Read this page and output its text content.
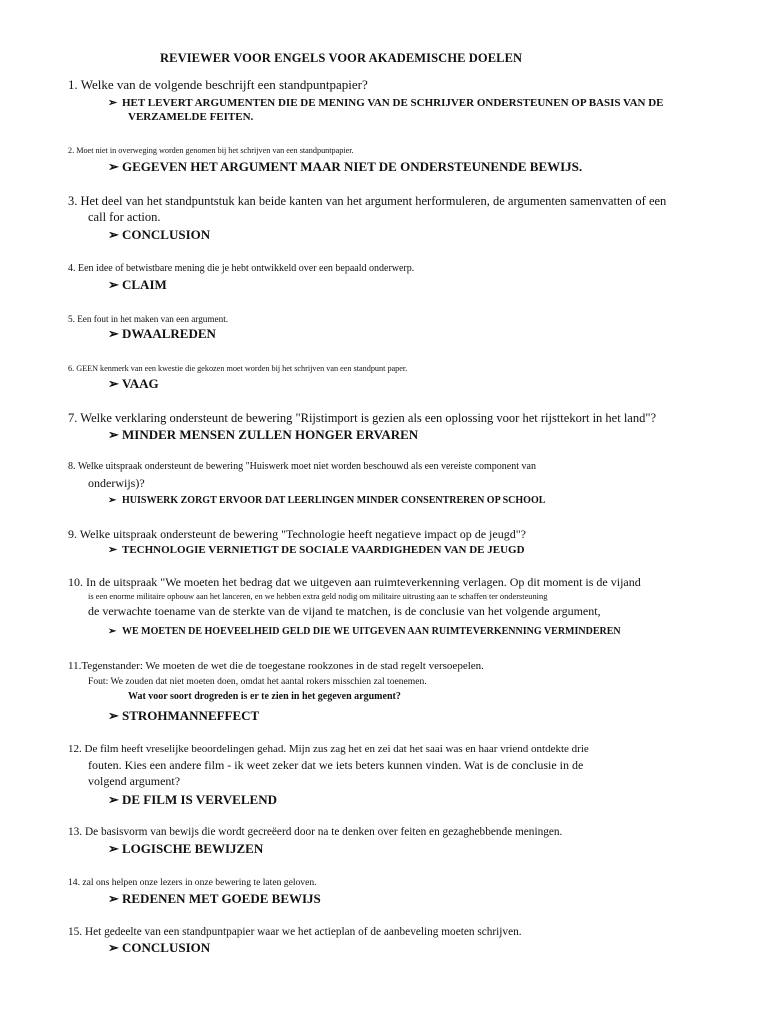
REVIEWER VOOR ENGELS VOOR AKADEMISCHE DOELEN
1. Welke van de volgende beschrijft een standpuntpapier?
➢ HET LEVERT ARGUMENTEN DIE DE MENING VAN DE SCHRIJVER ONDERSTEUNEN OP BASIS VAN DE
VERZAMELDE FEITEN.
2. Moet niet in overweging worden genomen bij het schrijven van een standpuntpapier.
➢ GEGEVEN HET ARGUMENT MAAR NIET DE ONDERSTEUNENDE BEWIJS.
3. Het deel van het standpuntstuk kan beide kanten van het argument herformuleren, de argumenten samenvatten of een
call for action.
➢ CONCLUSION
4. Een idee of betwistbare mening die je hebt ontwikkeld over een bepaald onderwerp.
➢ CLAIM
5. Een fout in het maken van een argument.
➢ DWAALREDEN
6. GEEN kenmerk van een kwestie die gekozen moet worden bij het schrijven van een standpunt paper.
➢ VAAG
7. Welke verklaring ondersteunt de bewering "Rijstimport is gezien als een oplossing voor het rijsttekort in het land"?
➢ MINDER MENSEN ZULLEN HONGER ERVAREN
8. Welke uitspraak ondersteunt de bewering "Huiswerk moet niet worden beschouwd als een vereiste component van
onderwijs)?
➢ HUISWERK ZORGT ERVOOR DAT LEERLINGEN MINDER CONSENTREREN OP SCHOOL
9. Welke uitspraak ondersteunt de bewering "Technologie heeft negatieve impact op de jeugd"?
➢ TECHNOLOGIE VERNIETIGT DE SOCIALE VAARDIGHEDEN VAN DE JEUGD
10. In de uitspraak "We moeten het bedrag dat we uitgeven aan ruimteverkenning verlagen. Op dit moment is de vijand
is een enorme militaire opbouw aan het lanceren, en we hebben extra geld nodig om militaire uitrusting aan te schaffen ter ondersteuning
de verwachte toename van de sterkte van de vijand te matchen, is de conclusie van het volgende argument,
➢ WE MOETEN DE HOEVEELHEID GELD DIE WE UITGEVEN AAN RUIMTEVERKENNING VERMINDEREN
11.Tegenstander: We moeten de wet die de toegestane rookzones in de stad regelt versoepelen.
Fout: We zouden dat niet moeten doen, omdat het aantal rokers misschien zal toenemen.
Wat voor soort drogreden is er te zien in het gegeven argument?
➢ STROHMANNEFFECT
12. De film heeft vreselijke beoordelingen gehad. Mijn zus zag het en zei dat het saai was en haar vriend ontdekte drie
fouten. Kies een andere film - ik weet zeker dat we iets beters kunnen vinden. Wat is de conclusie in de
volgend argument?
➢ DE FILM IS VERVELEND
13. De basisvorm van bewijs die wordt gecreëerd door na te denken over feiten en gezaghebbende meningen.
➢ LOGISCHE BEWIJZEN
14. zal ons helpen onze lezers in onze bewering te laten geloven.
➢ REDENEN MET GOEDE BEWIJS
15. Het gedeelte van een standpuntpapier waar we het actieplan of de aanbeveling moeten schrijven.
➢ CONCLUSION
